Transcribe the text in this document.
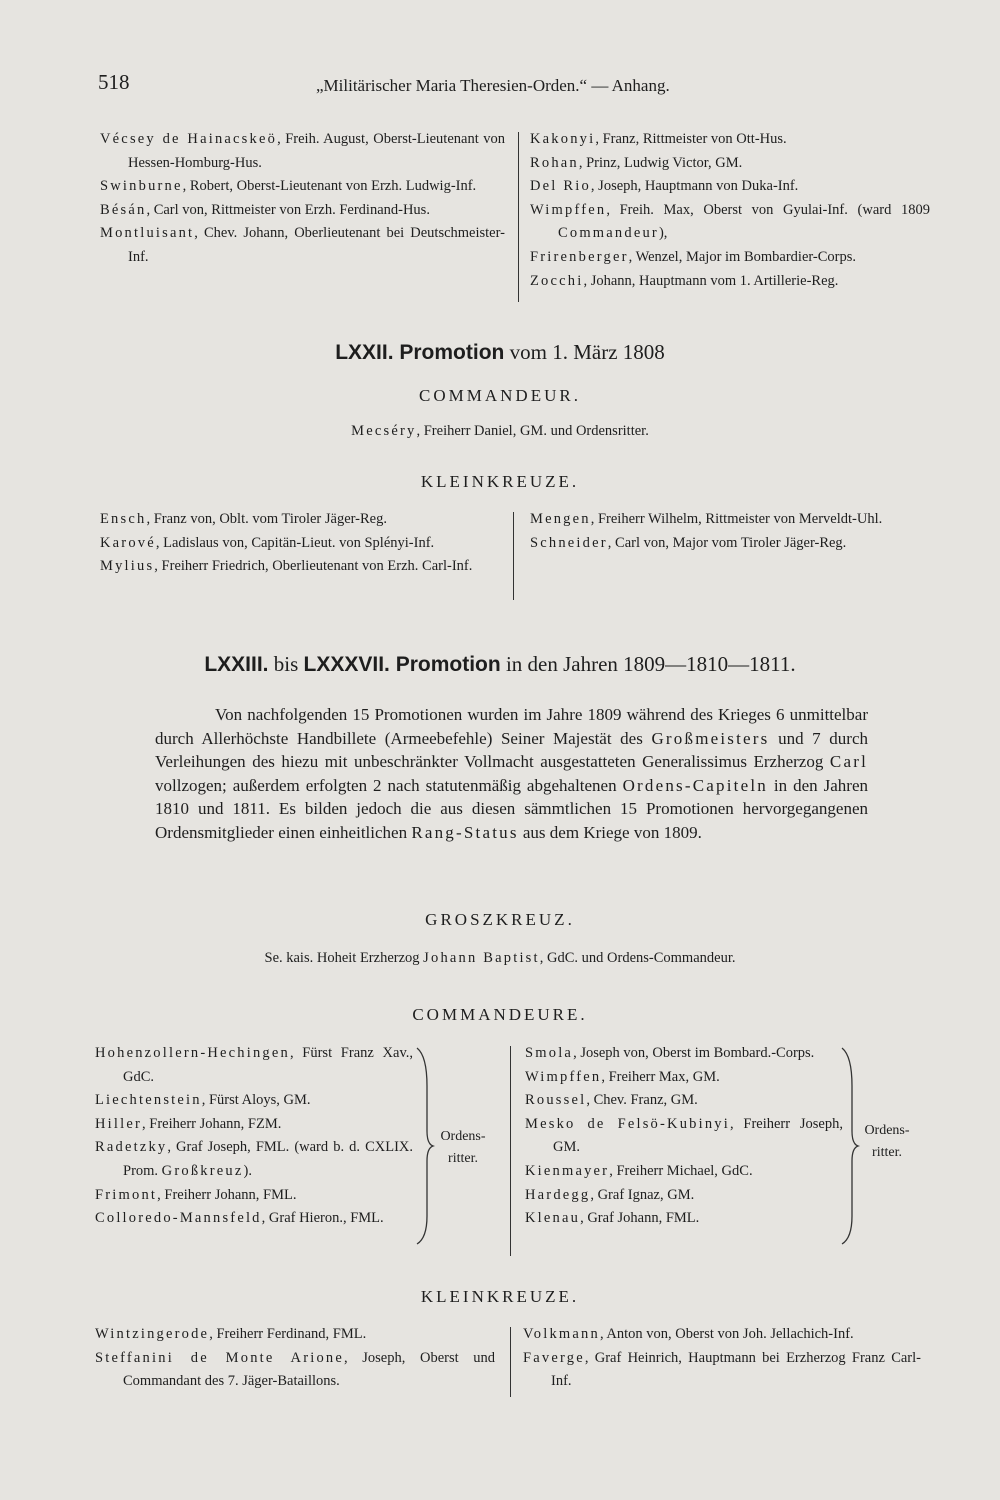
518	„Militärischer Maria Theresien-Orden.“ — Anhang.
Vécsey de Hainacskeö, Freih. August, Oberst-Lieutenant von Hessen-Homburg-Hus.
Swinburne, Robert, Oberst-Lieutenant von Erzh. Ludwig-Inf.
Bésán, Carl von, Rittmeister von Erzh. Ferdinand-Hus.
Montluisant, Chev. Johann, Oberlieutenant bei Deutschmeister-Inf.
Kakonyi, Franz, Rittmeister von Ott-Hus.
Rohan, Prinz, Ludwig Victor, GM.
Del Rio, Joseph, Hauptmann von Duka-Inf.
Wimpffen, Freih. Max, Oberst von Gyulai-Inf. (ward 1809 Commandeur),
Frirenberger, Wenzel, Major im Bombardier-Corps.
Zocchi, Johann, Hauptmann vom 1. Artillerie-Reg.
LXXII. Promotion vom 1. März 1808
COMMANDEUR.
Mecséry, Freiherr Daniel, GM. und Ordensritter.
KLEINKREUZE.
Ensch, Franz von, Oblt. vom Tiroler Jäger-Reg.
Karové, Ladislaus von, Capitän-Lieut. von Splényi-Inf.
Mylius, Freiherr Friedrich, Oberlieutenant von Erzh. Carl-Inf.
Mengen, Freiherr Wilhelm, Rittmeister von Merveldt-Uhl.
Schneider, Carl von, Major vom Tiroler Jäger-Reg.
LXXIII. bis LXXXVII. Promotion in den Jahren 1809—1810—1811.
Von nachfolgenden 15 Promotionen wurden im Jahre 1809 während des Krieges 6 unmittelbar durch Allerhöchste Handbillete (Armeebefehle) Seiner Majestät des Großmeisters und 7 durch Verleihungen des hiezu mit unbeschränkter Vollmacht ausgestatteten Generalissimus Erzherzog Carl vollzogen; außerdem erfolgten 2 nach statutenmäßig abgehaltenen Ordens-Capiteln in den Jahren 1810 und 1811. Es bilden jedoch die aus diesen sämmtlichen 15 Promotionen hervorgegangenen Ordensmitglieder einen einheitlichen Rang-Status aus dem Kriege von 1809.
GROSZKREUZ.
Se. kais. Hoheit Erzherzog Johann Baptist, GdC. und Ordens-Commandeur.
COMMANDEURE.
Hohenzollern-Hechingen, Fürst Franz Xav., GdC.
Liechtenstein, Fürst Aloys, GM.
Hiller, Freiherr Johann, FZM.
Radetzky, Graf Joseph, FML. (ward b. d. CXLIX. Prom. Großkreuz).
Frimont, Freiherr Johann, FML.
Colloredo-Mannsfeld, Graf Hieron., FML.
Ordens-
ritter.
Smola, Joseph von, Oberst im Bombard.-Corps.
Wimpffen, Freiherr Max, GM.
Roussel, Chev. Franz, GM.
Mesko de Felsö-Kubinyi, Freiherr Joseph, GM.
Kienmayer, Freiherr Michael, GdC.
Hardegg, Graf Ignaz, GM.
Klenau, Graf Johann, FML.
Ordens-
ritter.
KLEINKREUZE.
Wintzingerode, Freiherr Ferdinand, FML.
Steffanini de Monte Arione, Joseph, Oberst und Commandant des 7. Jäger-Bataillons.
Volkmann, Anton von, Oberst von Joh. Jellachich-Inf.
Faverge, Graf Heinrich, Hauptmann bei Erzherzog Franz Carl-Inf.
